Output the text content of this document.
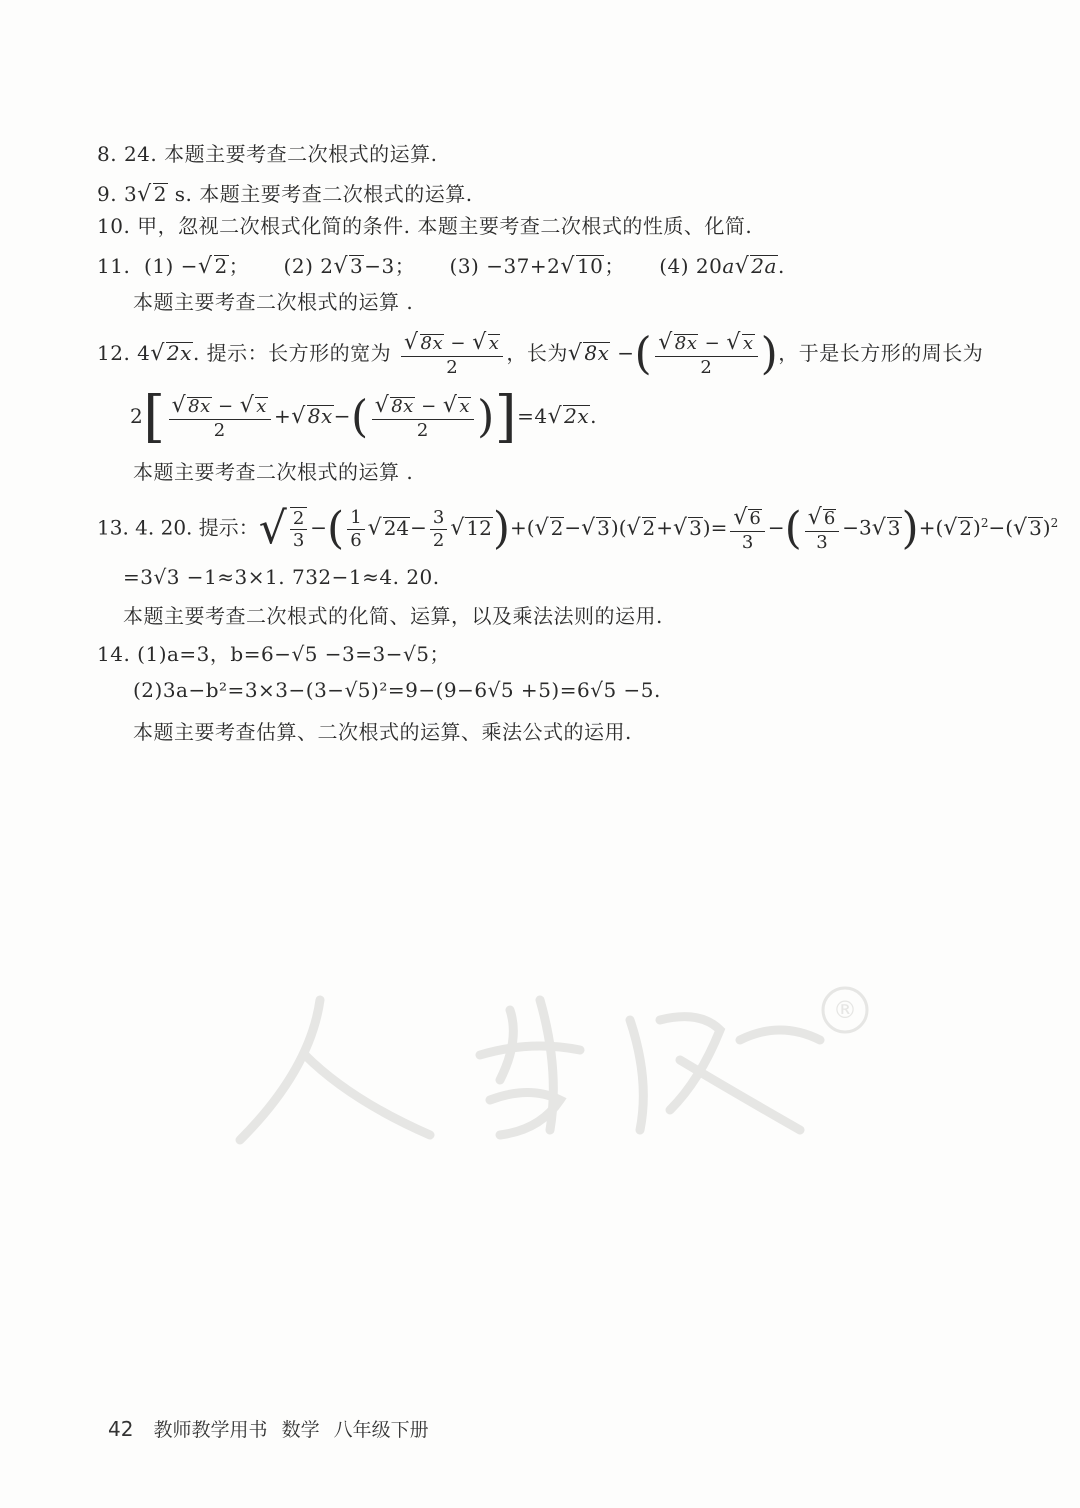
8. 24. 本题主要考查二次根式的运算.
9. 3√ 2 s. 本题主要考查二次根式的运算.
10. 甲，忽视二次根式化简的条件. 本题主要考查二次根式的性质、化简.
11. (1) −√ 2； (2) 2√ 3−3； (3) −37+2√ 10； (4) 20a√ 2a.
本题主要考查二次根式的运算 .
12. 4√ 2x. 提示：长方形的宽为 $\frac{√ 8x - √ x}{2}$ ，长为√ 8x −( $\frac{√ 8x - √ x}{2}$ )，于是长方形的周长为
$2[ \frac{√ 8x - √ x}{2}$ +√ $8x-( \frac{√ 8x - √ x}{2} )]=4√$ 2x.
本题主要考查二次根式的运算 .
13. 4. 20. 提示：√ $\frac{2}{3}$ −( $\frac{1}{6}$ √ $24- \frac{3}{2}$ √ 12)+(√ 2−√ 3)(√ 2+√ $3)= \frac{√ 6}{3}$ −( $\frac{√ 6}{3} -3√$ 3)+(√ 2)$^2$−(√ 3)$^2$
=3√3 −1≈3×1. 732−1≈4. 20.
本题主要考查二次根式的化简、运算，以及乘法法则的运用.
14. (1)a=3，b=6−√5 −3=3−√5；
(2)3a−b²=3×3−(3−√5)²=9−(9−6√5 +5)=6√5 −5.
本题主要考查估算、二次根式的运算、乘法公式的运用.
®
42 教师教学用书 数学 八年级下册
